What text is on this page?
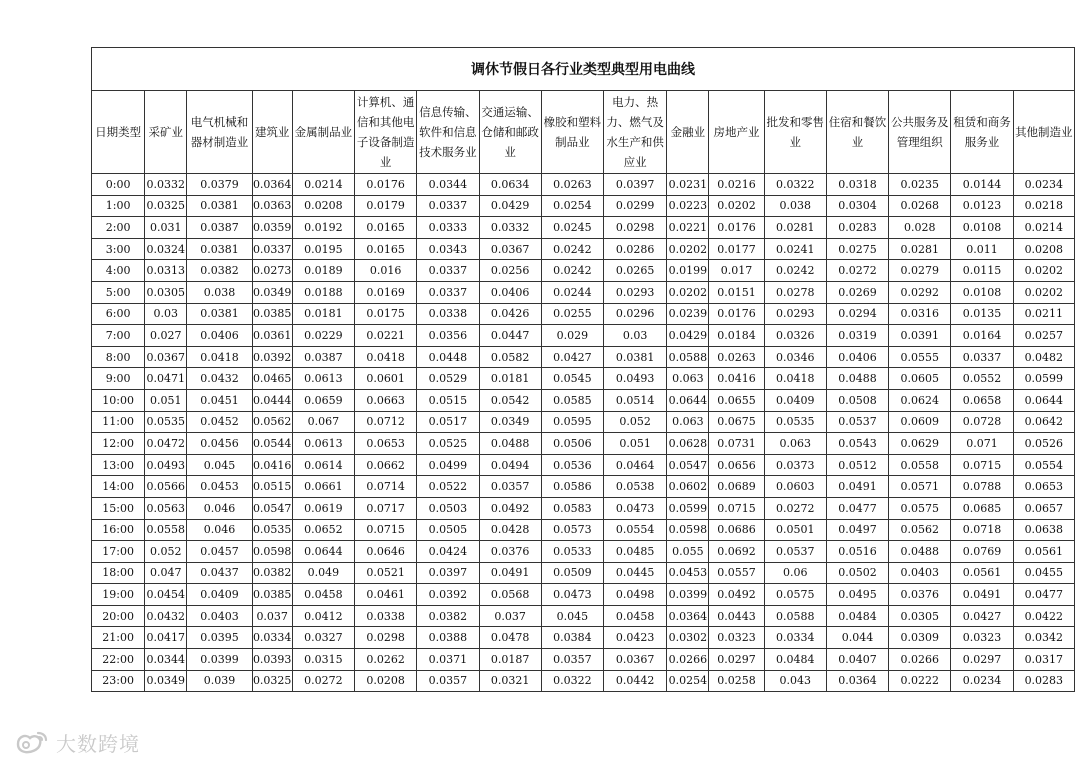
调休节假日各行业类型典型用电曲线																
日期类型	采矿业	电气机械和器材制造业	建筑业	金属制品业	计算机、通信和其他电子设备制造业	信息传输、软件和信息技术服务业	交通运输、仓储和邮政业	橡胶和塑料制品业	电力、热力、燃气及水生产和供应业	金融业	房地产业	批发和零售业	住宿和餐饮业	公共服务及管理组织	租赁和商务服务业	其他制造业
0:00	0.0332	0.0379	0.0364	0.0214	0.0176	0.0344	0.0634	0.0263	0.0397	0.0231	0.0216	0.0322	0.0318	0.0235	0.0144	0.0234
1:00	0.0325	0.0381	0.0363	0.0208	0.0179	0.0337	0.0429	0.0254	0.0299	0.0223	0.0202	0.038	0.0304	0.0268	0.0123	0.0218
2:00	0.031	0.0387	0.0359	0.0192	0.0165	0.0333	0.0332	0.0245	0.0298	0.0221	0.0176	0.0281	0.0283	0.028	0.0108	0.0214
3:00	0.0324	0.0381	0.0337	0.0195	0.0165	0.0343	0.0367	0.0242	0.0286	0.0202	0.0177	0.0241	0.0275	0.0281	0.011	0.0208
4:00	0.0313	0.0382	0.0273	0.0189	0.016	0.0337	0.0256	0.0242	0.0265	0.0199	0.017	0.0242	0.0272	0.0279	0.0115	0.0202
5:00	0.0305	0.038	0.0349	0.0188	0.0169	0.0337	0.0406	0.0244	0.0293	0.0202	0.0151	0.0278	0.0269	0.0292	0.0108	0.0202
6:00	0.03	0.0381	0.0385	0.0181	0.0175	0.0338	0.0426	0.0255	0.0296	0.0239	0.0176	0.0293	0.0294	0.0316	0.0135	0.0211
7:00	0.027	0.0406	0.0361	0.0229	0.0221	0.0356	0.0447	0.029	0.03	0.0429	0.0184	0.0326	0.0319	0.0391	0.0164	0.0257
8:00	0.0367	0.0418	0.0392	0.0387	0.0418	0.0448	0.0582	0.0427	0.0381	0.0588	0.0263	0.0346	0.0406	0.0555	0.0337	0.0482
9:00	0.0471	0.0432	0.0465	0.0613	0.0601	0.0529	0.0181	0.0545	0.0493	0.063	0.0416	0.0418	0.0488	0.0605	0.0552	0.0599
10:00	0.051	0.0451	0.0444	0.0659	0.0663	0.0515	0.0542	0.0585	0.0514	0.0644	0.0655	0.0409	0.0508	0.0624	0.0658	0.0644
11:00	0.0535	0.0452	0.0562	0.067	0.0712	0.0517	0.0349	0.0595	0.052	0.063	0.0675	0.0535	0.0537	0.0609	0.0728	0.0642
12:00	0.0472	0.0456	0.0544	0.0613	0.0653	0.0525	0.0488	0.0506	0.051	0.0628	0.0731	0.063	0.0543	0.0629	0.071	0.0526
13:00	0.0493	0.045	0.0416	0.0614	0.0662	0.0499	0.0494	0.0536	0.0464	0.0547	0.0656	0.0373	0.0512	0.0558	0.0715	0.0554
14:00	0.0566	0.0453	0.0515	0.0661	0.0714	0.0522	0.0357	0.0586	0.0538	0.0602	0.0689	0.0603	0.0491	0.0571	0.0788	0.0653
15:00	0.0563	0.046	0.0547	0.0619	0.0717	0.0503	0.0492	0.0583	0.0473	0.0599	0.0715	0.0272	0.0477	0.0575	0.0685	0.0657
16:00	0.0558	0.046	0.0535	0.0652	0.0715	0.0505	0.0428	0.0573	0.0554	0.0598	0.0686	0.0501	0.0497	0.0562	0.0718	0.0638
17:00	0.052	0.0457	0.0598	0.0644	0.0646	0.0424	0.0376	0.0533	0.0485	0.055	0.0692	0.0537	0.0516	0.0488	0.0769	0.0561
18:00	0.047	0.0437	0.0382	0.049	0.0521	0.0397	0.0491	0.0509	0.0445	0.0453	0.0557	0.06	0.0502	0.0403	0.0561	0.0455
19:00	0.0454	0.0409	0.0385	0.0458	0.0461	0.0392	0.0568	0.0473	0.0498	0.0399	0.0492	0.0575	0.0495	0.0376	0.0491	0.0477
20:00	0.0432	0.0403	0.037	0.0412	0.0338	0.0382	0.037	0.045	0.0458	0.0364	0.0443	0.0588	0.0484	0.0305	0.0427	0.0422
21:00	0.0417	0.0395	0.0334	0.0327	0.0298	0.0388	0.0478	0.0384	0.0423	0.0302	0.0323	0.0334	0.044	0.0309	0.0323	0.0342
22:00	0.0344	0.0399	0.0393	0.0315	0.0262	0.0371	0.0187	0.0357	0.0367	0.0266	0.0297	0.0484	0.0407	0.0266	0.0297	0.0317
23:00	0.0349	0.039	0.0325	0.0272	0.0208	0.0357	0.0321	0.0322	0.0442	0.0254	0.0258	0.043	0.0364	0.0222	0.0234	0.0283
大数跨境
